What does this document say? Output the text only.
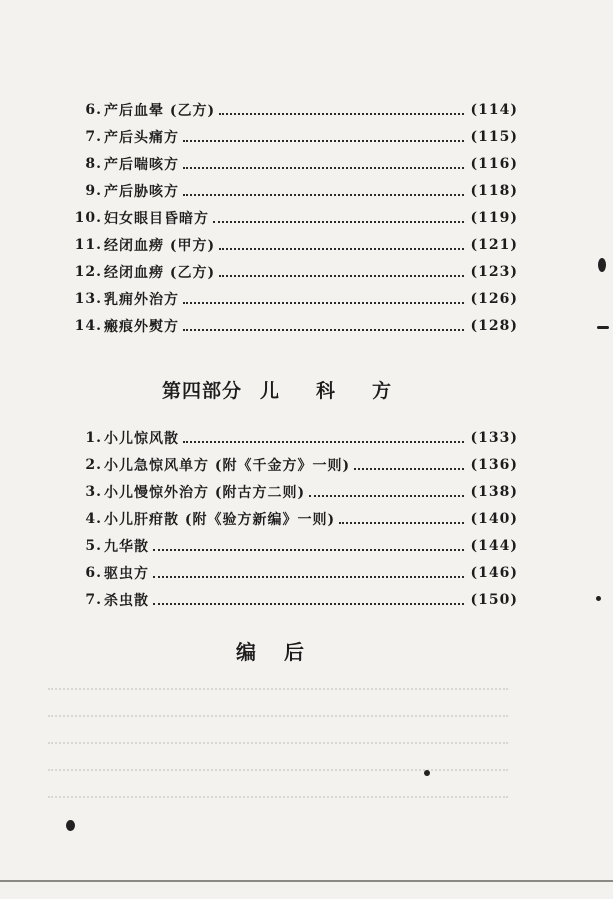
6. 产后血晕 (乙方)	(114)
7. 产后头痛方	(115)
8. 产后喘咳方	(116)
9. 产后胁咳方	(118)
10. 妇女眼目昏暗方	(119)
11. 经闭血痨 (甲方)	(121)
12. 经闭血痨 (乙方)	(123)
13. 乳痈外治方	(126)
14. 瘢痕外熨方	(128)
第四部分 儿 科 方
1. 小儿惊风散	(133)
2. 小儿急惊风单方 (附《千金方》一则)	(136)
3. 小儿慢惊外治方 (附古方二则)	(138)
4. 小儿肝疳散 (附《验方新编》一则)	(140)
5. 九华散	(144)
6. 驱虫方	(146)
7. 杀虫散	(150)
编后
